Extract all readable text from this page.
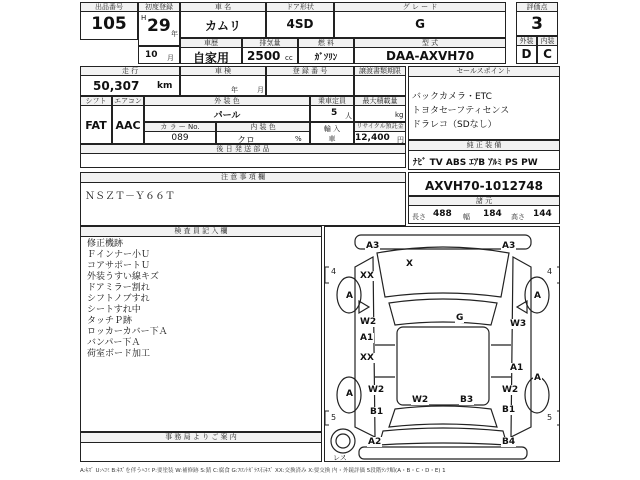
出品番号
105
初度登録
H 29 年
車 名
カムリ
ドア形状
4SD
グ レ ー ド
G
評価点
3
10 月
車歴
自家用
排気量
2500 cc
燃 料
ｶﾞｿﾘﾝ
型 式
DAA-AXVH70
外装
D
内装
C
走 行
50,307 km
車 検
年	月
登 録 番 号	譲渡書類期限	セールスポイント
バックカメラ・ETC
トヨタセーフティセンス
ドラレコ（SDなし）
シフト
FAT
エアコン
AAC
外 装 色
パール
乗車定員
5 人
最大積載量
kg
カ ラ ー No.
089
内 装 色
クロ	%
輸 入
車
リサイクル預託金
12,400 円
後 日 発 送 部 品	純 正 装 備
ﾅﾋﾞ TV ABS ｴｱB ｱﾙﾐ PS PW
注 意 事 項 欄
ＮＳＺＴ－Ｙ６６Ｔ
AXVH70-1012748
諸 元
長さ 488 幅 184 高さ 144
検 査 員 記 入 欄
修正機跡
Ｆインナー小Ｕ
コアサポートＵ
外装うすい線キズ
ドアミラー割れ
シフトノブすれ
シートすれ中
タッチＰ跡
ロッカーカバー下Ａ
バンパー下Ａ
荷室ボード加工
事 務 局 よ り ご 案 内
4	4
5	5
レス
A3	A3
X
XX
A	A
G
W2
A1
W3
XX
A1
A W2
A
W2
B1
W2	B3
B1
A2	B4
A:ｷｽﾞ U:ﾍｺﾐ B:ｷｽﾞを伴うﾍｺﾐ P:要塗装 W:補修跡 S:錆 C:腐食 G:ﾌﾛﾝﾄｶﾞﾗｽ石ｷｽﾞ XX:交換済み X:要交換 内・外鏡評価 5段階ﾗﾝｸ順(A・B・C・D・E) 1
